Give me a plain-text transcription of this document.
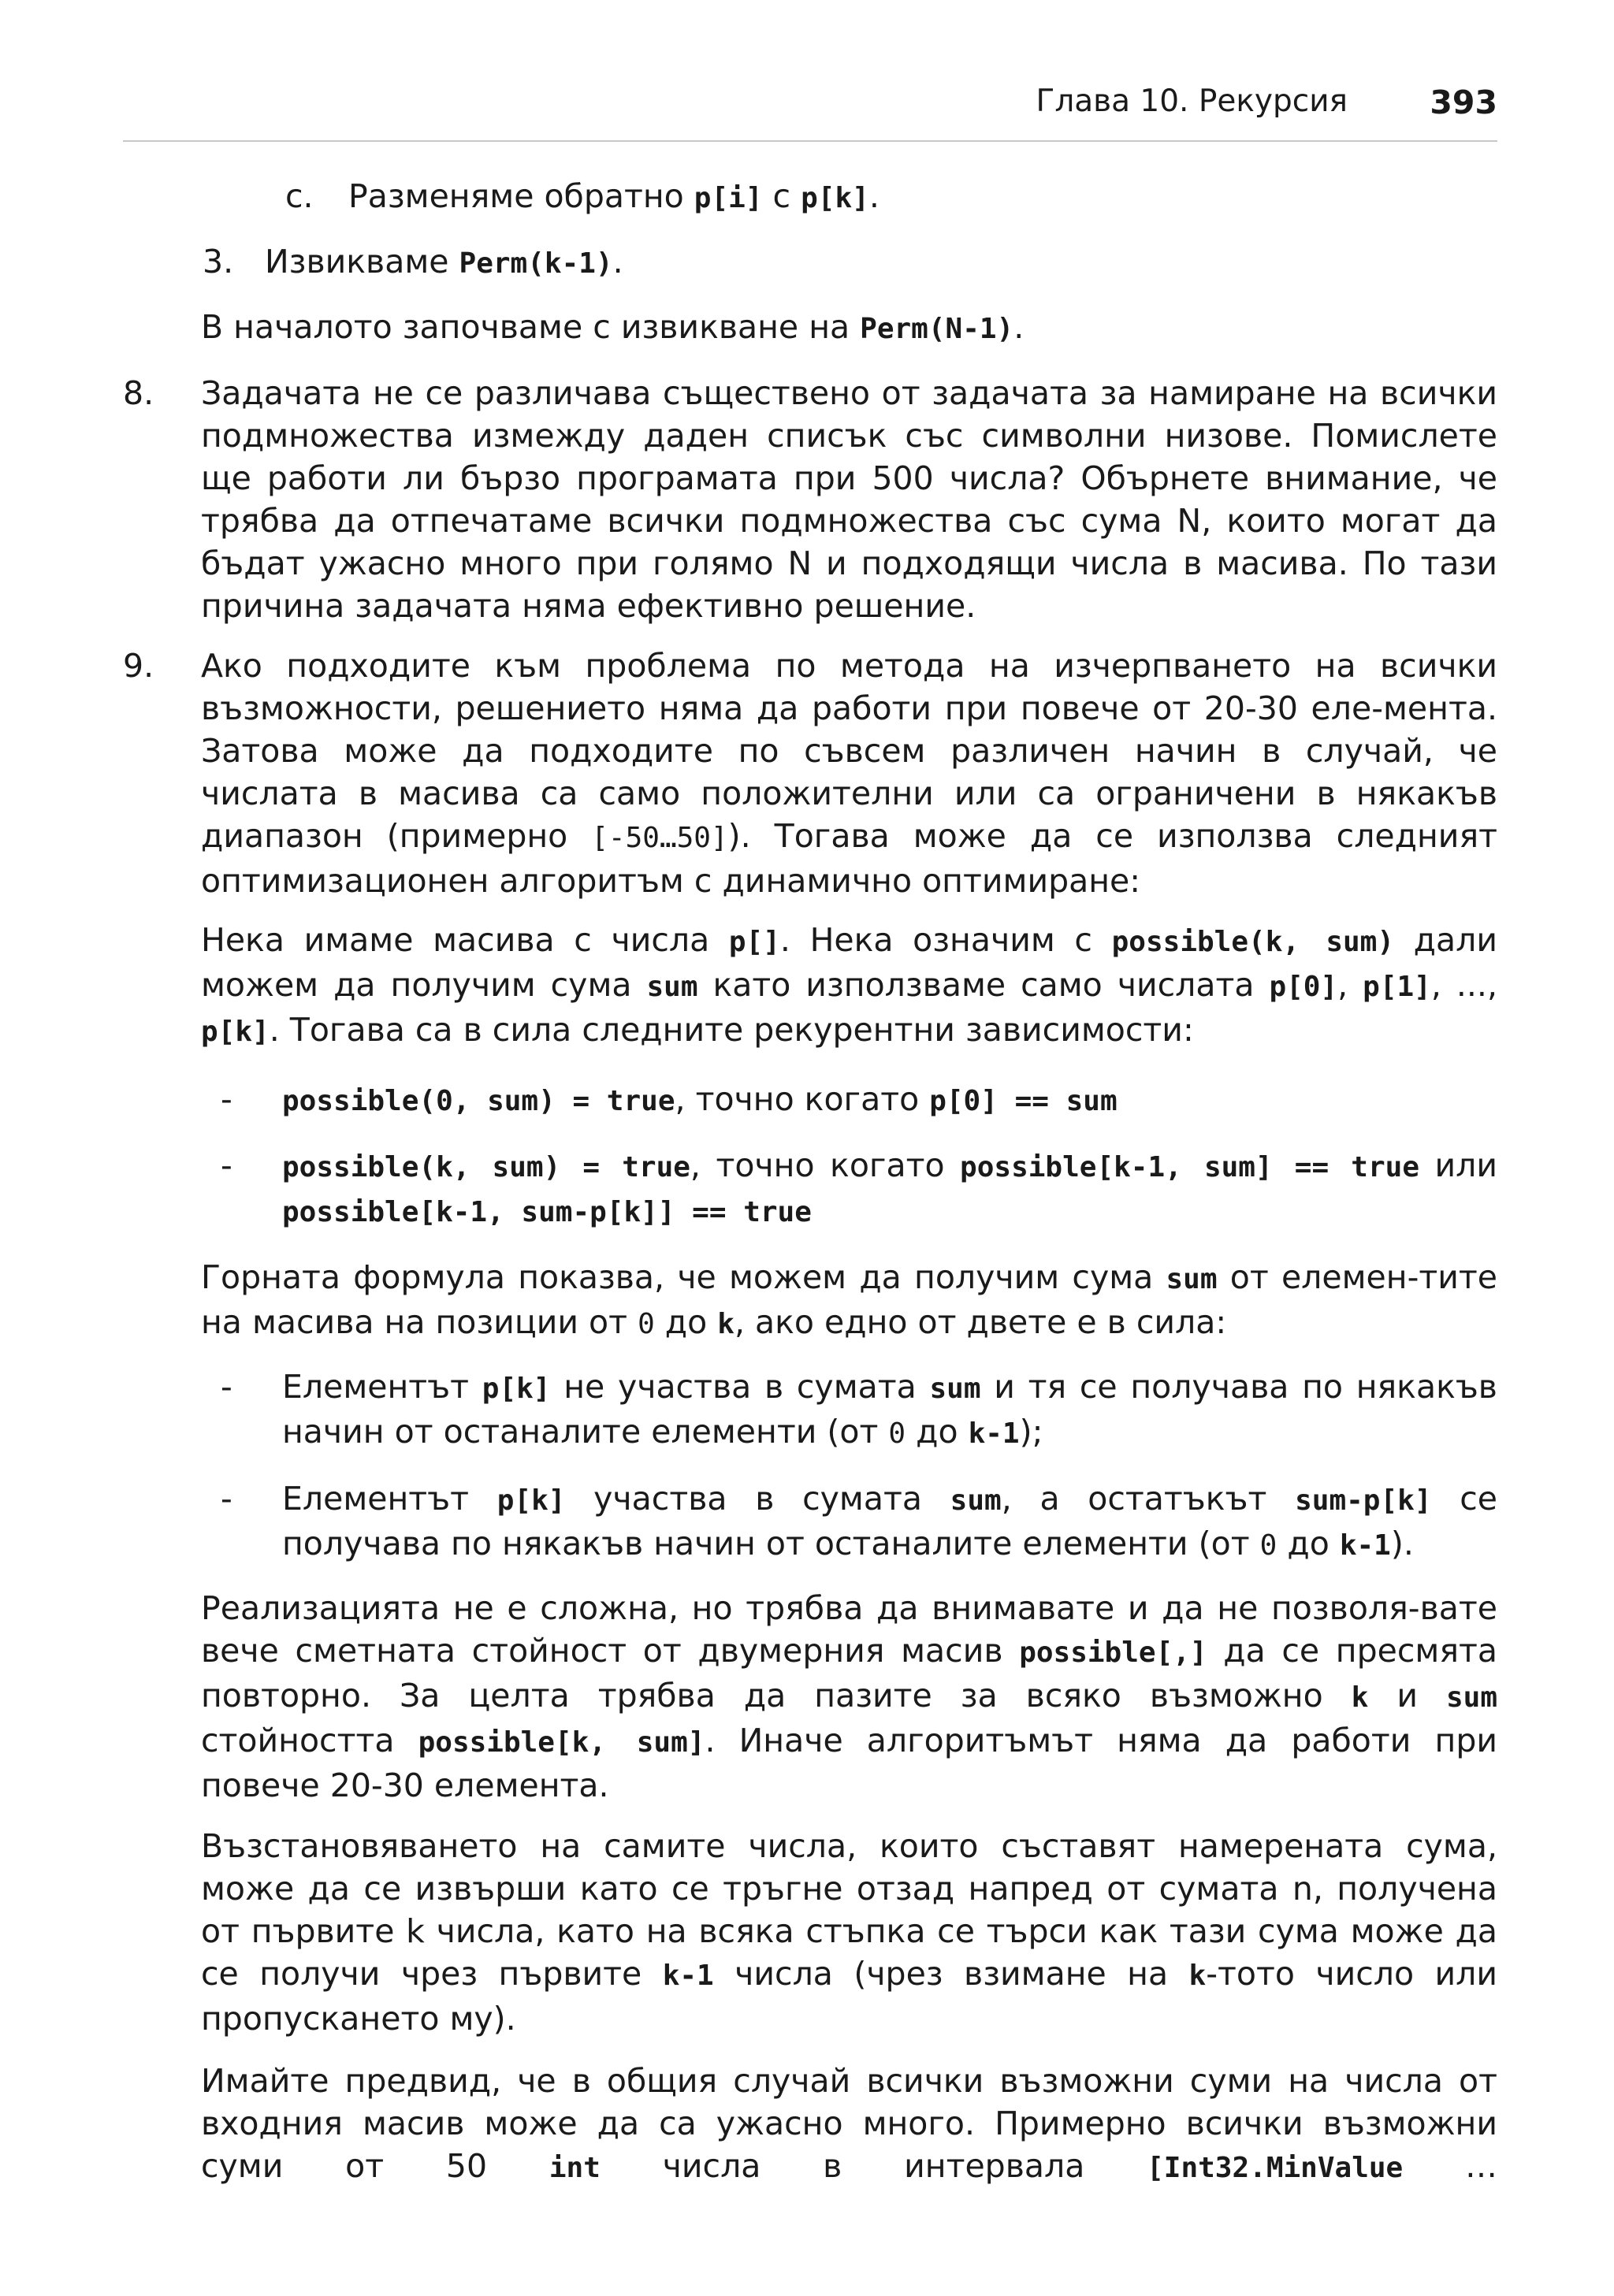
Глава 10. Рекурсия	393
c. Разменяме обратно p[i] с p[k].
3. Извикваме Perm(k-1).
В началото започваме с извикване на Perm(N-1).
8. Задачата не се различава съществено от задачата за намиране на всички подмножества измежду даден списък със символни низове. Помислете ще работи ли бързо програмата при 500 числа? Обърнете внимание, че трябва да отпечатаме всички подмножества със сума N, които могат да бъдат ужасно много при голямо N и подходящи числа в масива. По тази причина задачата няма ефективно решение.

9. Ако подходите към проблема по метода на изчерпването на всички възможности, решението няма да работи при повече от 20-30 еле-мента. Затова може да подходите по съвсем различен начин в случай, че числата в масива са само положителни или са ограничени в някакъв диапазон (примерно [-50…50]). Тогава може да се използва следният оптимизационен алгоритъм с динамично оптимиране:
Нека имаме масива с числа p[]. Нека означим с possible(k, sum) дали можем да получим сума sum като използваме само числата p[0], p[1], ..., p[k]. Тогава са в сила следните рекурентни зависимости:
- possible(0, sum) = true, точно когато p[0] == sum
- possible(k, sum) = true, точно когато possible[k-1, sum] == true или possible[k-1, sum-p[k]] == true
Горната формула показва, че можем да получим сума sum от елемен-тите на масива на позиции от 0 до k, ако едно от двете е в сила:
- Елементът p[k] не участва в сумата sum и тя се получава по някакъв начин от останалите елементи (от 0 до k-1);
- Елементът p[k] участва в сумата sum, а остатъкът sum-p[k] се получава по някакъв начин от останалите елементи (от 0 до k-1).
Реализацията не е сложна, но трябва да внимавате и да не позволя-вате вече сметната стойност от двумерния масив possible[,] да се пресмята повторно. За целта трябва да пазите за всяко възможно k и sum стойността possible[k, sum]. Иначе алгоритъмът няма да работи при повече 20-30 елемента.
Възстановяването на самите числа, които съставят намерената сума, може да се извърши като се тръгне отзад напред от сумата n, получена от първите k числа, като на всяка стъпка се търси как тази сума може да се получи чрез първите k-1 числа (чрез взимане на k-тото число или пропускането му).
Имайте предвид, че в общия случай всички възможни суми на числа от входния масив може да са ужасно много. Примерно всички възможни суми от 50 int числа в интервала [Int32.MinValue …
